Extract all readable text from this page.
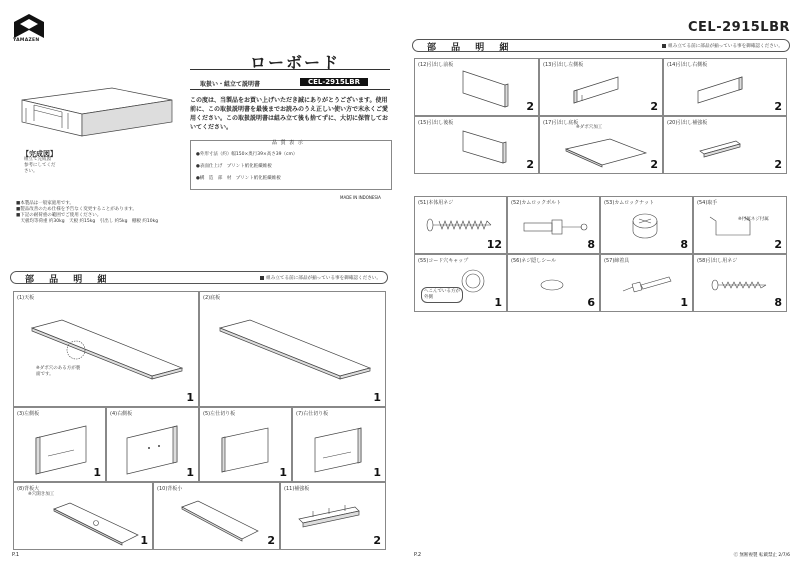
YAMAZEN
【完成図】
組立て完成図 参考にしてください。
ローボード
取扱い・組立て説明書	CEL-2915LBR
この度は、当製品をお買い上げいただき誠にありがとうございます。使用前に、この取扱説明書を最後までお読みのうえ正しい使い方で末永くご愛用ください。この取扱説明書は組み立て後も捨てずに、大切に保管しておいてください。
品 質 表 示
●外形寸法（約）幅150×奥行39×高さ39（cm）
●表面仕上げ　プリント紙化粧繊維板
●構　造　部　材　プリント紙化粧繊維板
MADE IN INDONESIA
■本製品は一般家庭用です。
■製品改善のため仕様を予告なく変更することがあります。
■下記の耐荷重の範囲でご使用ください。
　天板均等荷重 約30kg　天板 約15kg　引出し 約5kg　棚板 約10kg
部 品 明 細	組み立てる前に部品が揃っている事を御確認ください。
(1)天板
※ダボ穴のある方が裏面です。
1
(2)底板
1
(3)左側板
1
(4)右側板
1
(5)左仕切り板
1
(7)右仕切り板
1
(8)背板大
※穴開き加工
1
(10)背板小
2
(11)補強板
2
P.1
CEL-2915LBR
部 品 明 細	組み立てる前に部品が揃っている事を御確認ください。
(12)引出し前板
2
(13)引出し左側板
2
(14)引出し右側板
2
(15)引出し後板
2
(17)引出し底板
※ダボ穴加工
2
(20)引出し補強板
2
(51)本体用ネジ
12
(52)カムロックボルト
8
(53)カムロックナット
8
(54)取手
※付属ネジ付属
2
(55)コード穴キャップ
へこんでいる方が外側	1
(56)ネジ隠しシール
6
(57)締着具
1
(58)引出し用ネジ
8
P.2	Ⓒ 無断複製 転載禁止 2/7/6
